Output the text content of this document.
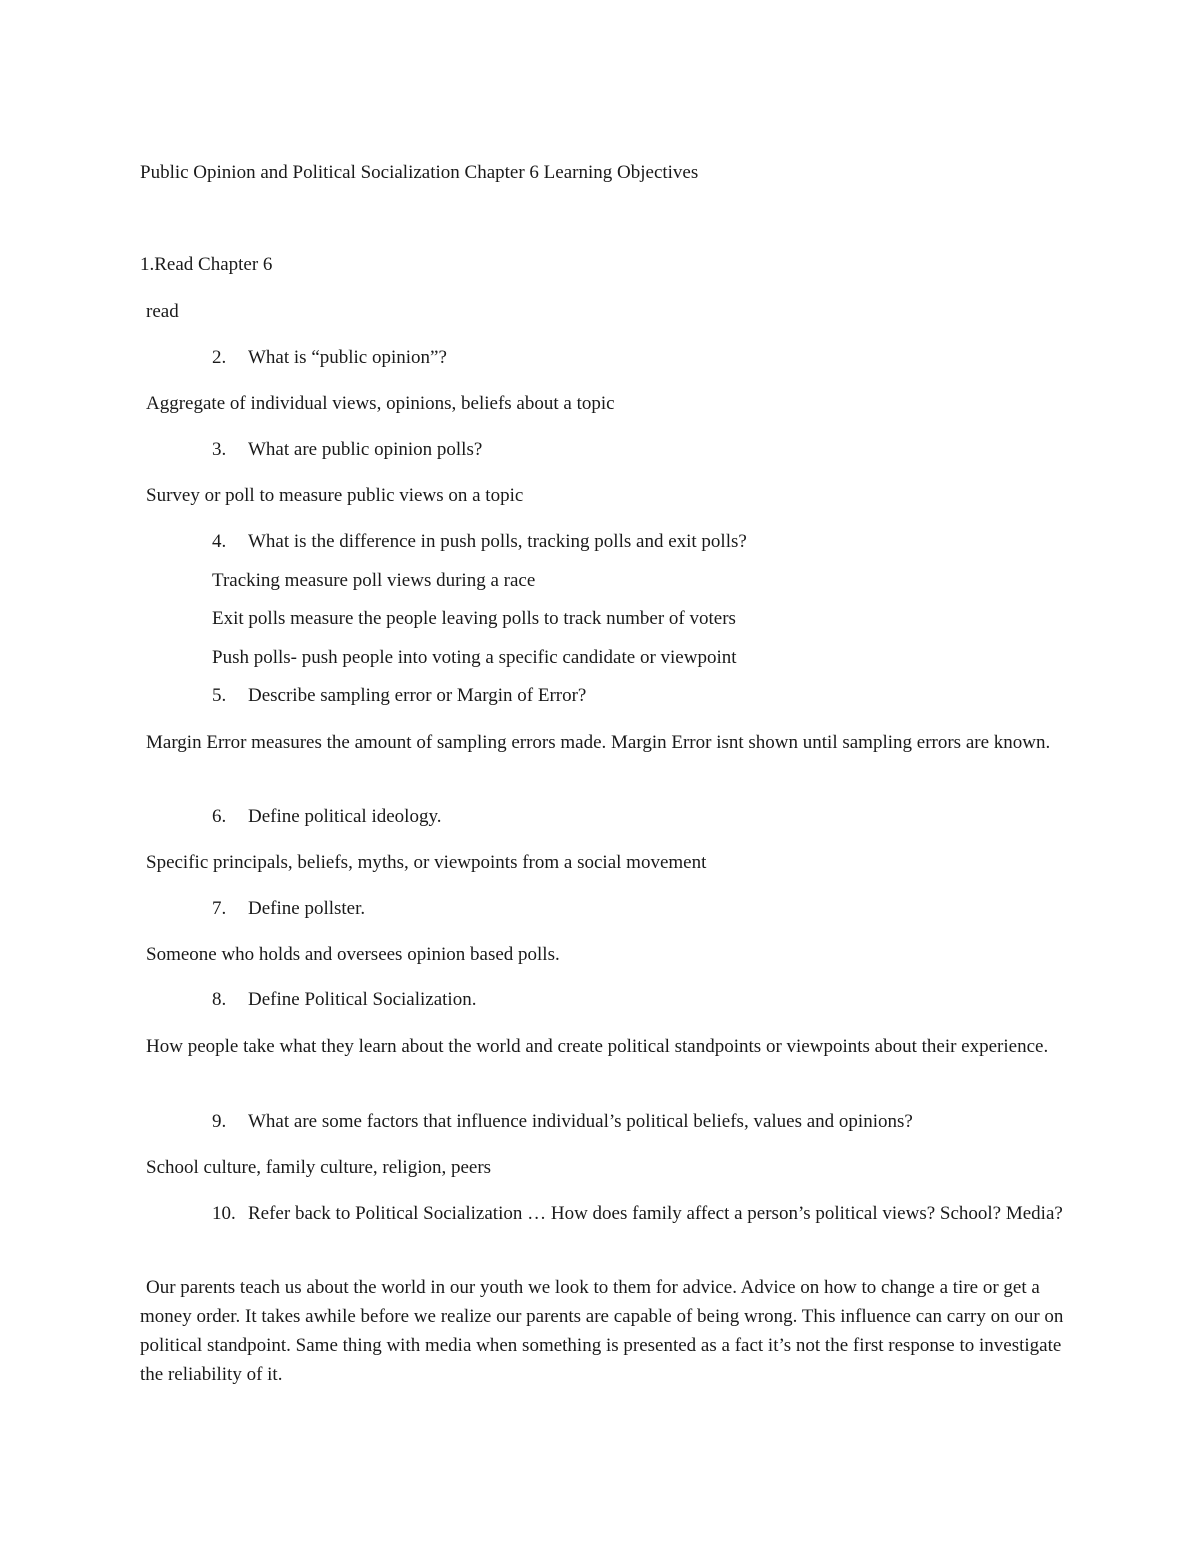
Public Opinion and Political Socialization Chapter 6 Learning Objectives
1.Read Chapter 6
read
2. What is “public opinion”?
Aggregate of individual views, opinions, beliefs about a topic
3. What are public opinion polls?
Survey or poll to measure public views on a topic
4. What is the difference in push polls, tracking polls and exit polls?
Tracking measure poll views during a race
Exit polls measure the people leaving polls to track number of voters
Push polls- push people into voting a specific candidate or viewpoint
5. Describe sampling error or Margin of Error?
Margin Error measures the amount of sampling errors made. Margin Error isnt shown until sampling errors are known.
6. Define political ideology.
Specific principals, beliefs, myths, or viewpoints from a social movement
7. Define pollster.
Someone who holds and oversees opinion based polls.
8. Define Political Socialization.
How people take what they learn about the world and create political standpoints or viewpoints about their experience.
9. What are some factors that influence individual’s political beliefs, values and opinions?
School culture, family culture, religion, peers
10. Refer back to Political Socialization … How does family affect a person’s political views? School? Media?
Our parents teach us about the world in our youth we look to them for advice. Advice on how to change a tire or get a money order. It takes awhile before we realize our parents are capable of being wrong. This influence can carry on our on political standpoint. Same thing with media when something is presented as a fact it’s not the first response to investigate the reliability of it.
